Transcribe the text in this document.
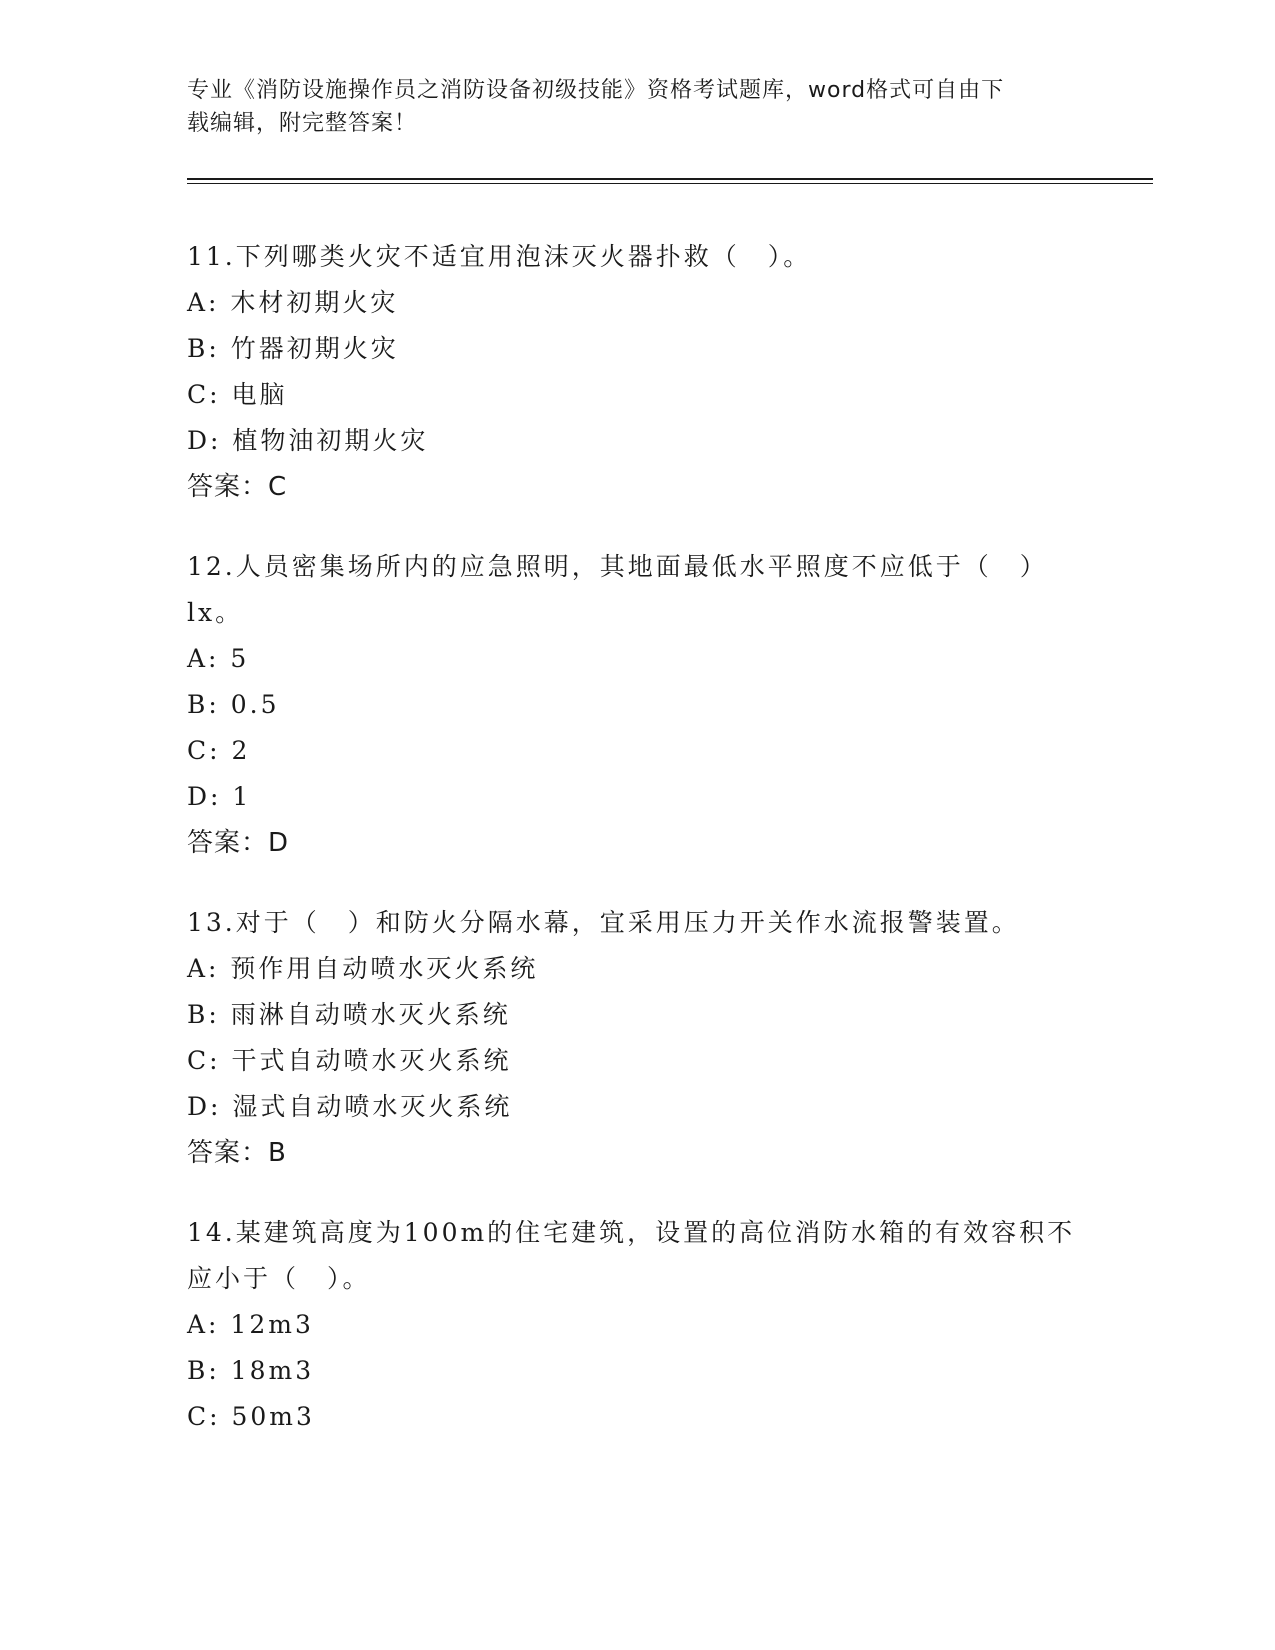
专业《消防设施操作员之消防设备初级技能》资格考试题库，word格式可自由下
载编辑，附完整答案！

11.下列哪类火灾不适宜用泡沫灭火器扑救（　）。

A: 木材初期火灾

B: 竹器初期火灾

C: 电脑

D: 植物油初期火灾

答案：C

12.人员密集场所内的应急照明，其地面最低水平照度不应低于（　）lx。

A: 5

B: 0.5

C: 2

D: 1

答案：D

13.对于（　）和防火分隔水幕，宜采用压力开关作水流报警装置。

A: 预作用自动喷水灭火系统

B: 雨淋自动喷水灭火系统

C: 干式自动喷水灭火系统

D: 湿式自动喷水灭火系统

答案：B

14.某建筑高度为100m的住宅建筑，设置的高位消防水箱的有效容积不应小于（　）。

A: 12m3

B: 18m3

C: 50m3
